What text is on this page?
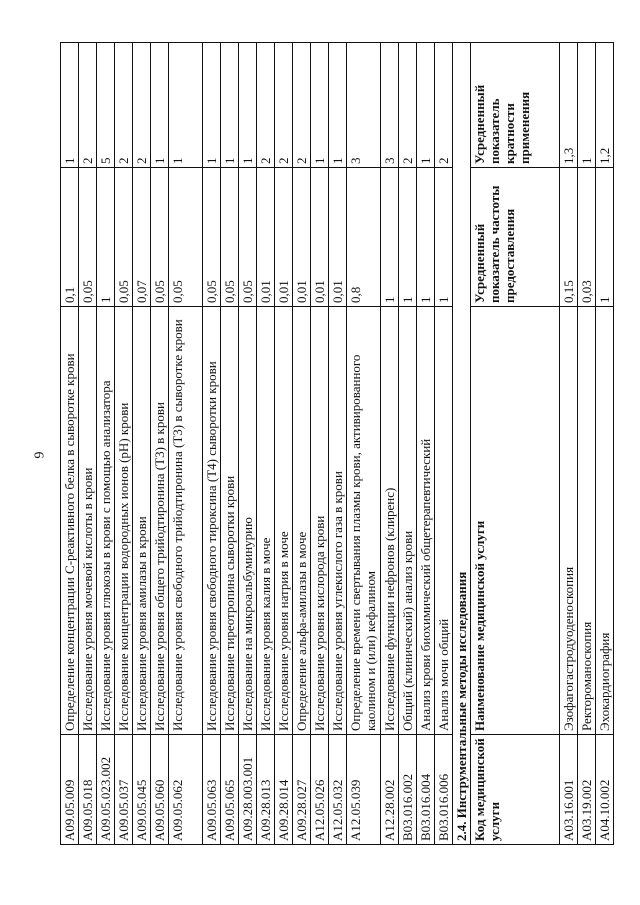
6
A09.05.009	Определение концентрации С-реактивного белка в сыворотке крови	0,1	1
A09.05.018	Исследование уровня мочевой кислоты в крови	0,05	2
A09.05.023.002	Исследование уровня глюкозы в крови с помощью анализатора	1	5
A09.05.037	Исследование концентрации водородных ионов (pH) крови	0,05	2
A09.05.045	Исследование уровня амилазы в крови	0,07	2
A09.05.060	Исследование уровня общего трийодтиронина (Т3) в крови	0,05	1
A09.05.062	Исследование уровня свободного трийодтиронина (Т3) в сыворотке крови	0,05	1
A09.05.063	Исследование уровня свободного тироксина (Т4) сыворотки крови	0,05	1
A09.05.065	Исследование тиреотропина сыворотки крови	0,05	1
A09.28.003.001	Исследование на микроальбуминурию	0,05	1
A09.28.013	Исследование уровня калия в моче	0,01	2
A09.28.014	Исследование уровня натрия в моче	0,01	2
A09.28.027	Определение альфа-амилазы в моче	0,01	2
A12.05.026	Исследование уровня кислорода крови	0,01	1
A12.05.032	Исследование уровня углекислого газа в крови	0,01	1
A12.05.039	Определение времени свертывания плазмы крови, активированного каолином и (или) кефалином	0,8	3
A12.28.002	Исследование функции нефронов (клиренс)	1	3
B03.016.002	Общий (клинический) анализ крови	1	2
B03.016.004	Анализ крови биохимический общетерапевтический	1	1
B03.016.006	Анализ мочи общий	1	2
2.4. Инструментальные методы исследования			
Код медицинской услуги	Наименование медицинской услуги	Усредненный показатель частоты предоставления	Усредненный показатель кратности применения
A03.16.001	Эзофагогастродуоденоскопия	0,15	1,3
A03.19.002	Ректороманоскопия	0,03	1
A04.10.002	Эхокардиография	1	1,2
